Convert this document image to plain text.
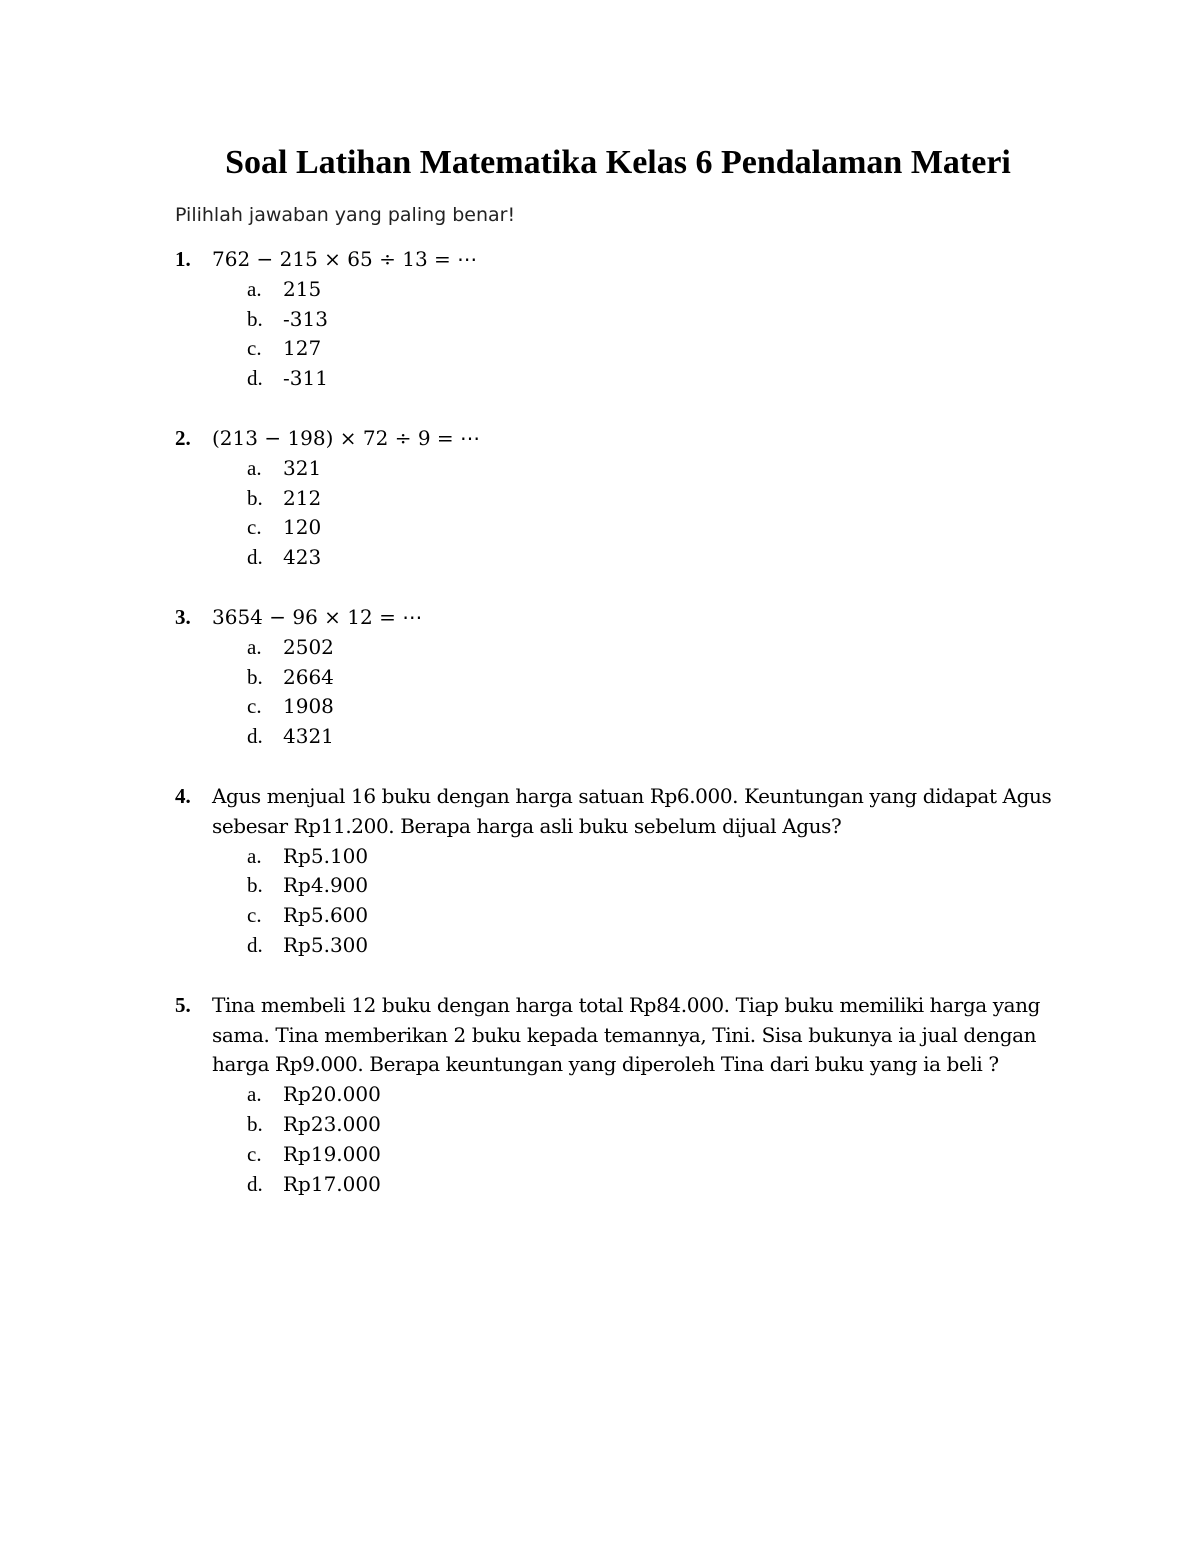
Soal Latihan Matematika Kelas 6 Pendalaman Materi
Pilihlah jawaban yang paling benar!
1.	762 − 215 × 65 ÷ 13 = ⋯
a.	215
b.	-313
c.	127
d.	-311
2.	(213 − 198) × 72 ÷ 9 = ⋯
a.	321
b.	212
c.	120
d.	423
3.	3654 − 96 × 12 = ⋯
a.	2502
b.	2664
c.	1908
d.	4321
4.	Agus menjual 16 buku dengan harga satuan Rp6.000. Keuntungan yang didapat Agus sebesar Rp11.200. Berapa harga asli buku sebelum dijual Agus?
a.	Rp5.100
b.	Rp4.900
c.	Rp5.600
d.	Rp5.300
5.	Tina membeli 12 buku dengan harga total Rp84.000. Tiap buku memiliki harga yang sama. Tina memberikan 2 buku kepada temannya, Tini. Sisa bukunya ia jual dengan harga Rp9.000. Berapa keuntungan yang diperoleh Tina dari buku yang ia beli ?
a.	Rp20.000
b.	Rp23.000
c.	Rp19.000
d.	Rp17.000
